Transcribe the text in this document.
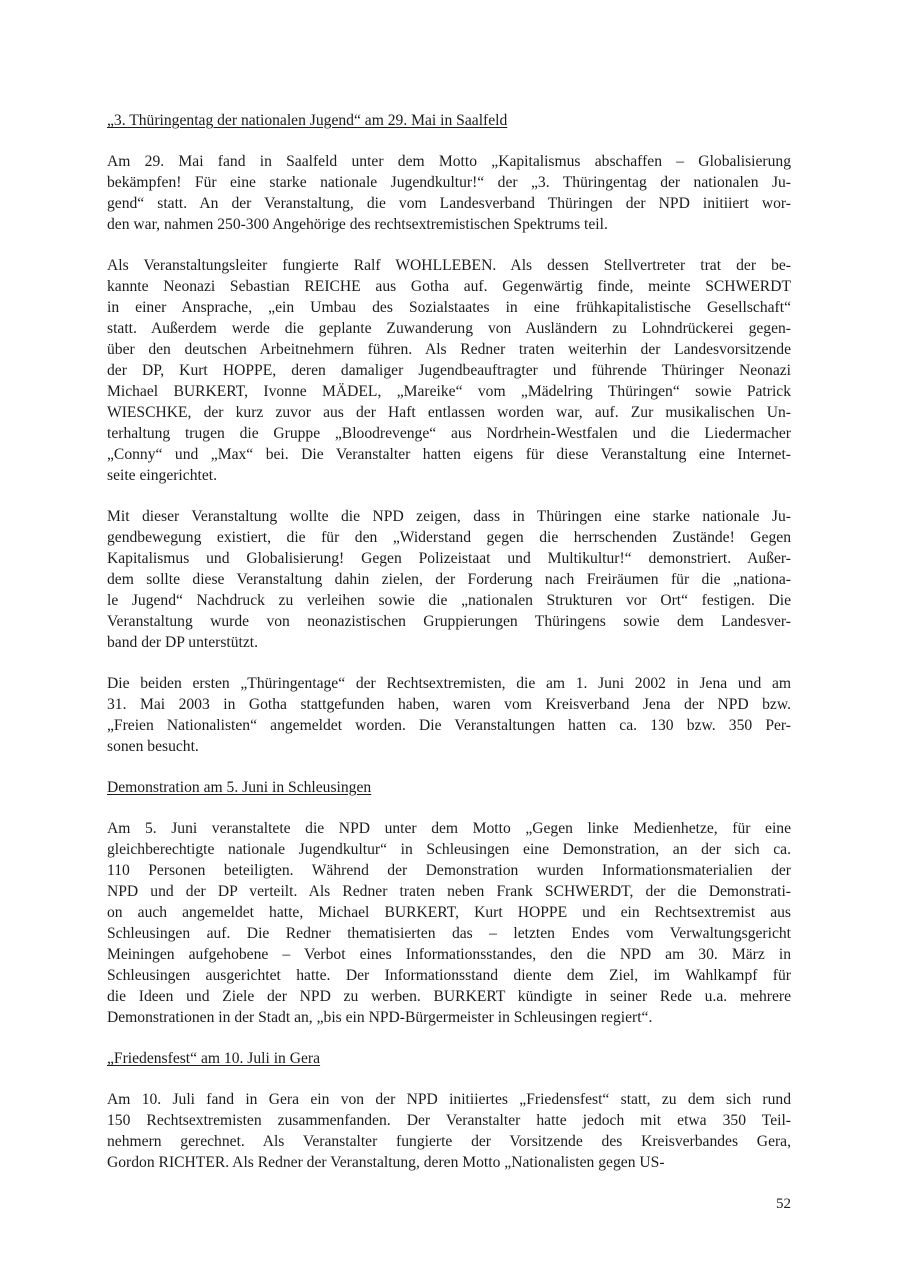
„3. Thüringentag der nationalen Jugend“ am 29. Mai in Saalfeld
Am 29. Mai fand in Saalfeld unter dem Motto „Kapitalismus abschaffen – Globalisierung
bekämpfen! Für eine starke nationale Jugendkultur!“ der „3. Thüringentag der nationalen Ju-
gend“ statt. An der Veranstaltung, die vom Landesverband Thüringen der NPD initiiert wor-
den war, nahmen 250-300 Angehörige des rechtsextremistischen Spektrums teil.
Als Veranstaltungsleiter fungierte Ralf WOHLLEBEN. Als dessen Stellvertreter trat der be-
kannte Neonazi Sebastian REICHE aus Gotha auf. Gegenwärtig finde, meinte SCHWERDT
in einer Ansprache, „ein Umbau des Sozialstaates in eine frühkapitalistische Gesellschaft“
statt. Außerdem werde die geplante Zuwanderung von Ausländern zu Lohndrückerei gegen-
über den deutschen Arbeitnehmern führen. Als Redner traten weiterhin der Landesvorsitzende
der DP, Kurt HOPPE, deren damaliger Jugendbeauftragter und führende Thüringer Neonazi
Michael BURKERT, Ivonne MÄDEL, „Mareike“ vom „Mädelring Thüringen“ sowie Patrick
WIESCHKE, der kurz zuvor aus der Haft entlassen worden war, auf. Zur musikalischen Un-
terhaltung trugen die Gruppe „Bloodrevenge“ aus Nordrhein-Westfalen und die Liedermacher
„Conny“ und „Max“ bei. Die Veranstalter hatten eigens für diese Veranstaltung eine Internet-
seite eingerichtet.
Mit dieser Veranstaltung wollte die NPD zeigen, dass in Thüringen eine starke nationale Ju-
gendbewegung existiert, die für den „Widerstand gegen die herrschenden Zustände! Gegen
Kapitalismus und Globalisierung! Gegen Polizeistaat und Multikultur!“ demonstriert. Außer-
dem sollte diese Veranstaltung dahin zielen, der Forderung nach Freiräumen für die „nationa-
le Jugend“ Nachdruck zu verleihen sowie die „nationalen Strukturen vor Ort“ festigen. Die
Veranstaltung wurde von neonazistischen Gruppierungen Thüringens sowie dem Landesver-
band der DP unterstützt.
Die beiden ersten „Thüringentage“ der Rechtsextremisten, die am 1. Juni 2002 in Jena und am
31. Mai 2003 in Gotha stattgefunden haben, waren vom Kreisverband Jena der NPD bzw.
„Freien Nationalisten“ angemeldet worden. Die Veranstaltungen hatten ca. 130 bzw. 350 Per-
sonen besucht.
Demonstration am 5. Juni in Schleusingen
Am 5. Juni veranstaltete die NPD unter dem Motto „Gegen linke Medienhetze, für eine
gleichberechtigte nationale Jugendkultur“ in Schleusingen eine Demonstration, an der sich ca.
110 Personen beteiligten. Während der Demonstration wurden Informationsmaterialien der
NPD und der DP verteilt. Als Redner traten neben Frank SCHWERDT, der die Demonstrati-
on auch angemeldet hatte, Michael BURKERT, Kurt HOPPE und ein Rechtsextremist aus
Schleusingen auf. Die Redner thematisierten das – letzten Endes vom Verwaltungsgericht
Meiningen aufgehobene – Verbot eines Informationsstandes, den die NPD am 30. März in
Schleusingen ausgerichtet hatte. Der Informationsstand diente dem Ziel, im Wahlkampf für
die Ideen und Ziele der NPD zu werben. BURKERT kündigte in seiner Rede u.a. mehrere
Demonstrationen in der Stadt an, „bis ein NPD-Bürgermeister in Schleusingen regiert“.
„Friedensfest“ am 10. Juli in Gera
Am 10. Juli fand in Gera ein von der NPD initiiertes „Friedensfest“ statt, zu dem sich rund
150 Rechtsextremisten zusammenfanden. Der Veranstalter hatte jedoch mit etwa 350 Teil-
nehmern gerechnet. Als Veranstalter fungierte der Vorsitzende des Kreisverbandes Gera,
Gordon RICHTER. Als Redner der Veranstaltung, deren Motto „Nationalisten gegen US-
52
